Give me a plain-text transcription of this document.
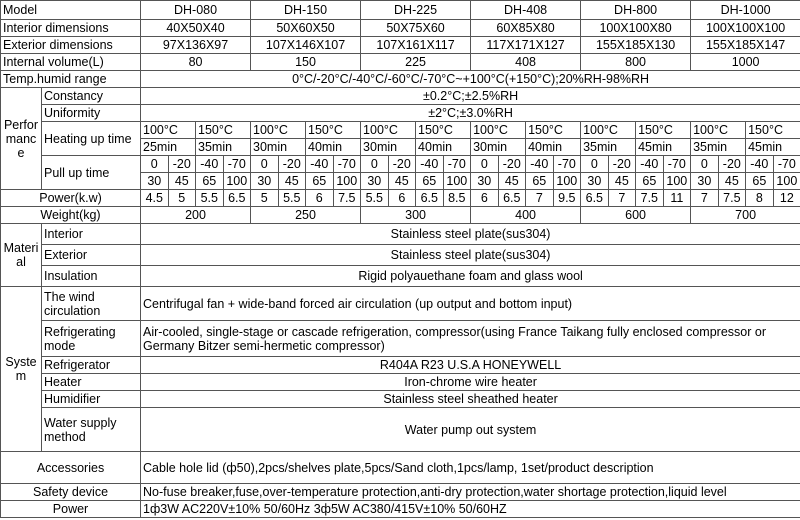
Model		DH-080				DH-150				DH-225				DH-408				DH-800				DH-1000			
Interior dimensions		40X50X40				50X60X50				50X75X60				60X85X80				100X100X80				100X100X100			
Exterior dimensions		97X136X97				107X146X107				107X161X117				117X171X127				155X185X130				155X185X147			
Internal volume(L)		80				150				225				408				800				1000			
Temp.humid range		0°C/-20°C/-40°C/-60°C/-70°C~+100°C(+150°C);20%RH-98%RH																							
Performance	Constancy	±0.2°C;±2.5%RH																							
	Uniformity	±2°C;±3.0%RH																							
	Heating up time	100°C		150°C		100°C		150°C		100°C		150°C		100°C		150°C		100°C		150°C		100°C		150°C	
		25min		35min		30min		40min		30min		40min		30min		40min		35min		45min		35min		45min	
	Pull up time	0	-20	-40	-70	0	-20	-40	-70	0	-20	-40	-70	0	-20	-40	-70	0	-20	-40	-70	0	-20	-40	-70
		30	45	65	100	30	45	65	100	30	45	65	100	30	45	65	100	30	45	65	100	30	45	65	100
Power(k.w)		4.5	5	5.5	6.5	5	5.5	6	7.5	5.5	6	6.5	8.5	6	6.5	7	9.5	6.5	7	7.5	11	7	7.5	8	12
Weight(kg)		200				250				300				400				600				700			
Material	Interior	Stainless steel plate(sus304)																							
	Exterior	Stainless steel plate(sus304)																							
	Insulation	Rigid polyauethane foam and glass wool																							
System	The wind circulation	Centrifugal fan + wide-band forced air circulation (up output and bottom input)																							
	Refrigerating mode	Air-cooled, single-stage or cascade refrigeration, compressor(using France Taikang fully enclosed compressor or Germany Bitzer semi-hermetic compressor)																							
	Refrigerator	R404A R23 U.S.A HONEYWELL																							
	Heater	Iron-chrome wire heater																							
	Humidifier	Stainless steel sheathed heater																							
	Water supply method	Water pump out system																							
Accessories		Cable hole lid (ф50),2pcs/shelves plate,5pcs/Sand cloth,1pcs/lamp, 1set/product description																							
Safety device		No-fuse breaker,fuse,over-temperature protection,anti-dry protection,water shortage protection,liquid level																							
Power		1ф3W AC220V±10% 50/60Hz 3ф5W AC380/415V±10% 50/60HZ																							
